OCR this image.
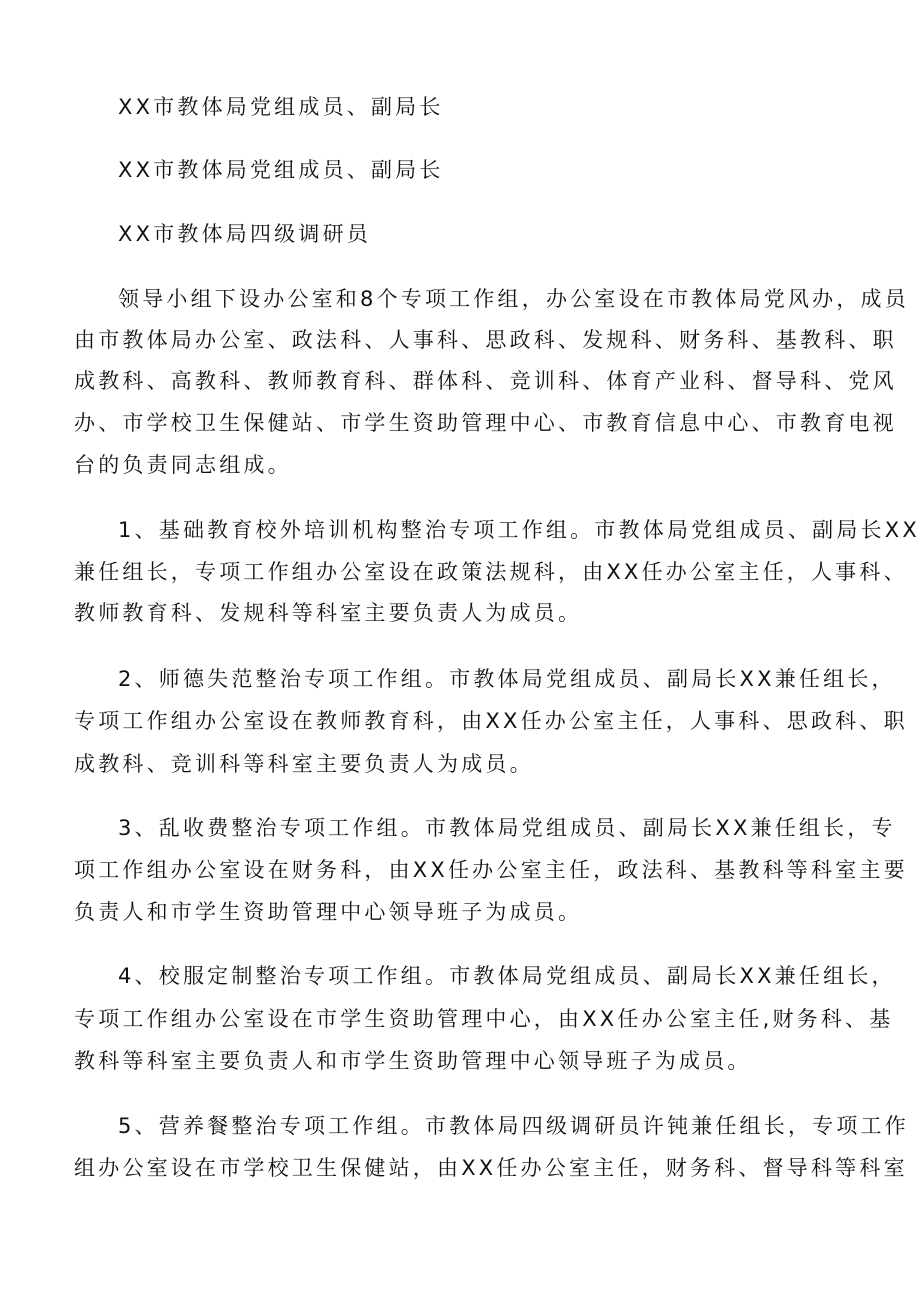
XX市教体局党组成员、副局长
XX市教体局党组成员、副局长
XX市教体局四级调研员
领导小组下设办公室和8个专项工作组，办公室设在市教体局党风办，成员
由市教体局办公室、政法科、人事科、思政科、发规科、财务科、基教科、职
成教科、高教科、教师教育科、群体科、竞训科、体育产业科、督导科、党风
办、市学校卫生保健站、市学生资助管理中心、市教育信息中心、市教育电视
台的负责同志组成。
1、基础教育校外培训机构整治专项工作组。市教体局党组成员、副局长XX
兼任组长，专项工作组办公室设在政策法规科，由XX任办公室主任，人事科、
教师教育科、发规科等科室主要负责人为成员。
2、师德失范整治专项工作组。市教体局党组成员、副局长XX兼任组长，
专项工作组办公室设在教师教育科，由XX任办公室主任，人事科、思政科、职
成教科、竞训科等科室主要负责人为成员。
3、乱收费整治专项工作组。市教体局党组成员、副局长XX兼任组长，专
项工作组办公室设在财务科，由XX任办公室主任，政法科、基教科等科室主要
负责人和市学生资助管理中心领导班子为成员。
4、校服定制整治专项工作组。市教体局党组成员、副局长XX兼任组长，
专项工作组办公室设在市学生资助管理中心，由XX任办公室主任,财务科、基
教科等科室主要负责人和市学生资助管理中心领导班子为成员。
5、营养餐整治专项工作组。市教体局四级调研员许钝兼任组长，专项工作
组办公室设在市学校卫生保健站，由XX任办公室主任，财务科、督导科等科室
